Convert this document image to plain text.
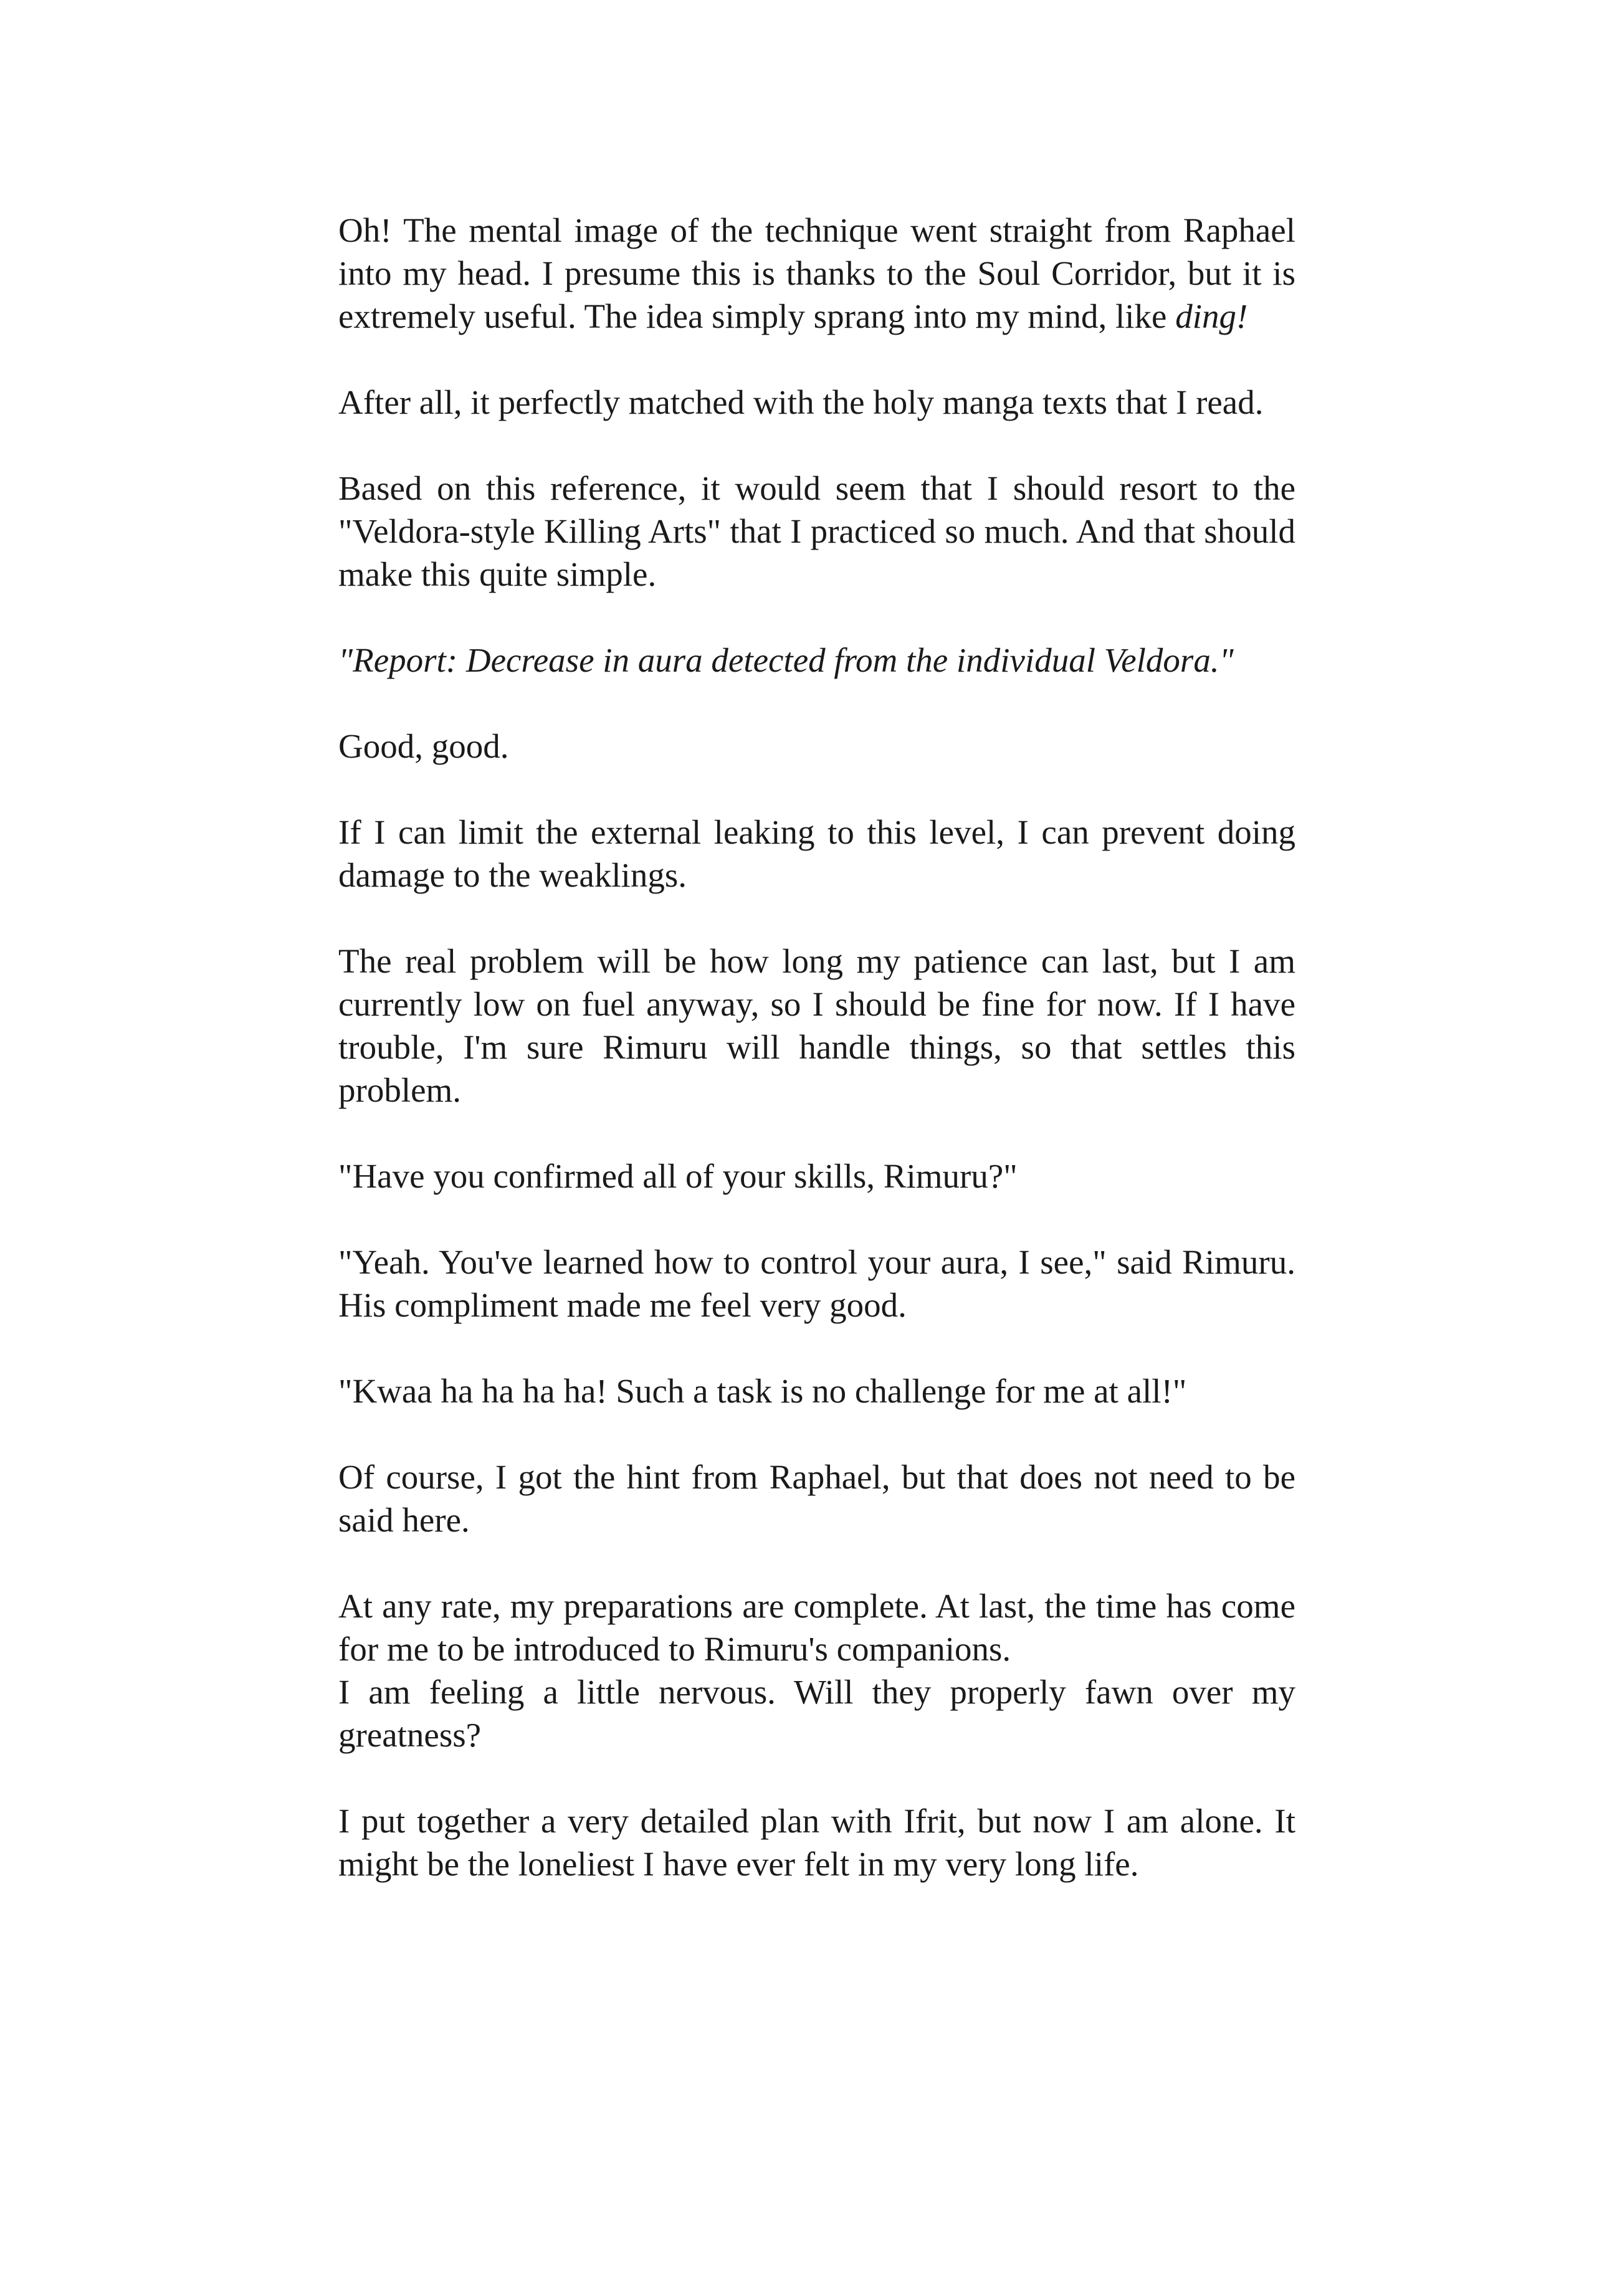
Oh! The mental image of the technique went straight from Raphael into my head. I presume this is thanks to the Soul Corridor, but it is extremely useful. The idea simply sprang into my mind, like ding!

After all, it perfectly matched with the holy manga texts that I read.

Based on this reference, it would seem that I should resort to the "Veldora-style Killing Arts" that I practiced so much. And that should make this quite simple.

"Report: Decrease in aura detected from the individual Veldora."

Good, good.

If I can limit the external leaking to this level, I can prevent doing damage to the weaklings.

The real problem will be how long my patience can last, but I am currently low on fuel anyway, so I should be fine for now. If I have trouble, I'm sure Rimuru will handle things, so that settles this problem.

"Have you confirmed all of your skills, Rimuru?"

"Yeah. You've learned how to control your aura, I see," said Rimuru. His compliment made me feel very good.

"Kwaa ha ha ha ha! Such a task is no challenge for me at all!"

Of course, I got the hint from Raphael, but that does not need to be said here.

At any rate, my preparations are complete. At last, the time has come for me to be introduced to Rimuru's companions.

I am feeling a little nervous. Will they properly fawn over my greatness?

I put together a very detailed plan with Ifrit, but now I am alone. It might be the loneliest I have ever felt in my very long life.
